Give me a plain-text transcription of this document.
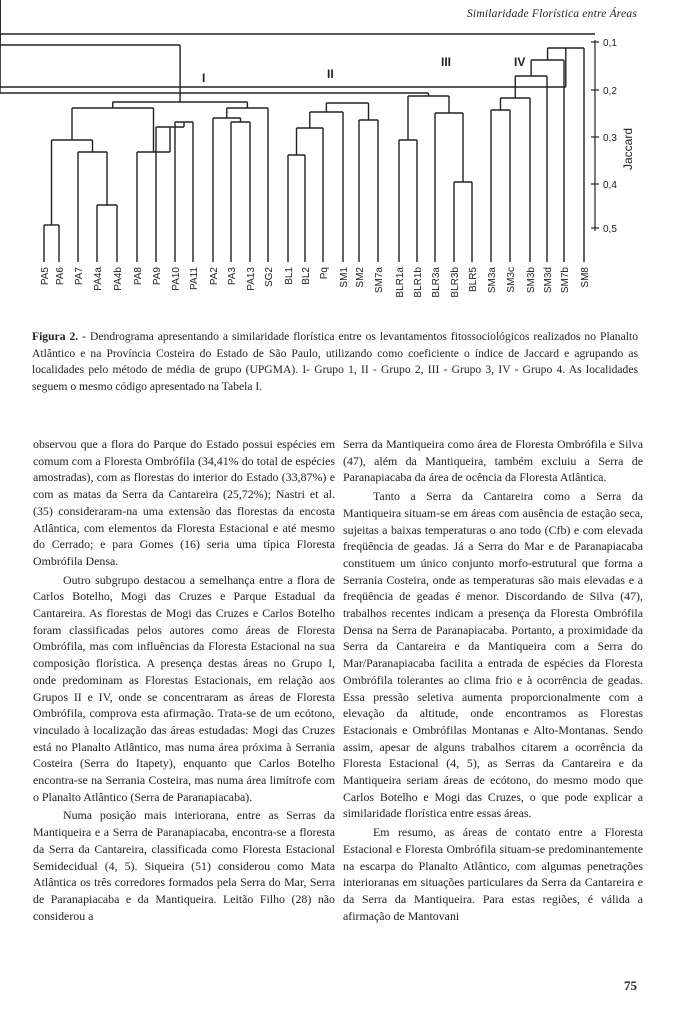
Similaridade Florística entre Áreas
PA5 PA6 PA7 PA4a PA4b PA8 PA9 PA10 PA11 PA2 PA3 PA13 SG2 BL1 BL2 Pq SM1 SM2 SM7a BLR1a BLR1b BLR3a BLR3b BLR5 SM3a SM3c SM3b SM3d SM7b SM8
0,1
0,2
0,3
0,4
0,5
I	II
III	IV
Jaccard
Figura 2. - Dendrograma apresentando a similaridade florística entre os levantamentos fitossociológicos realizados no Planalto Atlântico e na Província Costeira do Estado de São Paulo, utilizando como coeficiente o índice de Jaccard e agrupando as localidades pelo método de média de grupo (UPGMA). I- Grupo 1, II - Grupo 2, III - Grupo 3, IV - Grupo 4. As localidades seguem o mesmo código apresentado na Tabela I.

observou que a flora do Parque do Estado possui espécies em comum com a Floresta Ombrófila (34,41% do total de espécies amostradas), com as florestas do interior do Estado (33,87%) e com as matas da Serra da Cantareira (25,72%); Nastri et al. (35) consideraram-na uma extensão das florestas da encosta Atlântica, com elementos da Floresta Estacional e até mesmo do Cerrado; e para Gomes (16) seria uma típica Floresta Ombrófila Densa.

Outro subgrupo destacou a semelhança entre a flora de Carlos Botelho, Mogi das Cruzes e Parque Estadual da Cantareira. As florestas de Mogi das Cruzes e Carlos Botelho foram classificadas pelos autores como áreas de Floresta Ombrófila, mas com influências da Floresta Estacional na sua composição florística. A presença destas áreas no Grupo I, onde predominam as Florestas Estacionais, em relação aos Grupos II e IV, onde se concentraram as áreas de Floresta Ombrófila, comprova esta afirmação. Trata-se de um ecótono, vinculado à localização das áreas estudadas: Mogi das Cruzes está no Planalto Atlântico, mas numa área próxima à Serrania Costeira (Serra do Itapety), enquanto que Carlos Botelho encontra-se na Serrania Costeira, mas numa área limítrofe com o Planalto Atlântico (Serra de Paranapiacaba).

Numa posição mais interiorana, entre as Serras da Mantiqueira e a Serra de Paranapiacaba, encontra-se a floresta da Serra da Cantareira, classificada como Floresta Estacional Semidecidual (4, 5). Siqueira (51) considerou como Mata Atlântica os três corredores formados pela Serra do Mar, Serra de Paranapiacaba e da Mantiqueira. Leitão Filho (28) não considerou a

Serra da Mantiqueira como área de Floresta Ombrófila e Silva (47), além da Mantiqueira, também excluiu a Serra de Paranapiacaba da área de ocência da Floresta Atlântica.

Tanto a Serra da Cantareira como a Serra da Mantiqueira situam-se em áreas com ausência de estação seca, sujeitas a baixas temperaturas o ano todo (Cfb) e com elevada freqüência de geadas. Já a Serra do Mar e de Paranapiacaba constituem um único conjunto morfo-estrutural que forma a Serrania Costeira, onde as temperaturas são mais elevadas e a freqüência de geadas é menor. Discordando de Silva (47), trabalhos recentes indicam a presença da Floresta Ombrófila Densa na Serra de Paranapiacaba. Portanto, a proximidade da Serra da Cantareira e da Mantiqueira com a Serra do Mar/Paranapiacaba facilita a entrada de espécies da Floresta Ombrófila tolerantes ao clima frio e à ocorrência de geadas. Essa pressão seletiva aumenta proporcionalmente com a elevação da altitude, onde encontramos as Florestas Estacionais e Ombrófilas Montanas e Alto-Montanas. Sendo assim, apesar de alguns trabalhos citarem a ocorrência da Floresta Estacional (4, 5), as Serras da Cantareira e da Mantiqueira seriam áreas de ecótono, do mesmo modo que Carlos Botelho e Mogi das Cruzes, o que pode explicar a similaridade florística entre essas áreas.

Em resumo, as áreas de contato entre a Floresta Estacional e Floresta Ombrófila situam-se predominantemente na escarpa do Planalto Atlântico, com algumas penetrações interioranas em situações particulares da Serra da Cantareira e da Serra da Mantiqueira. Para estas regiões, é válida a afirmação de Mantovani

75
